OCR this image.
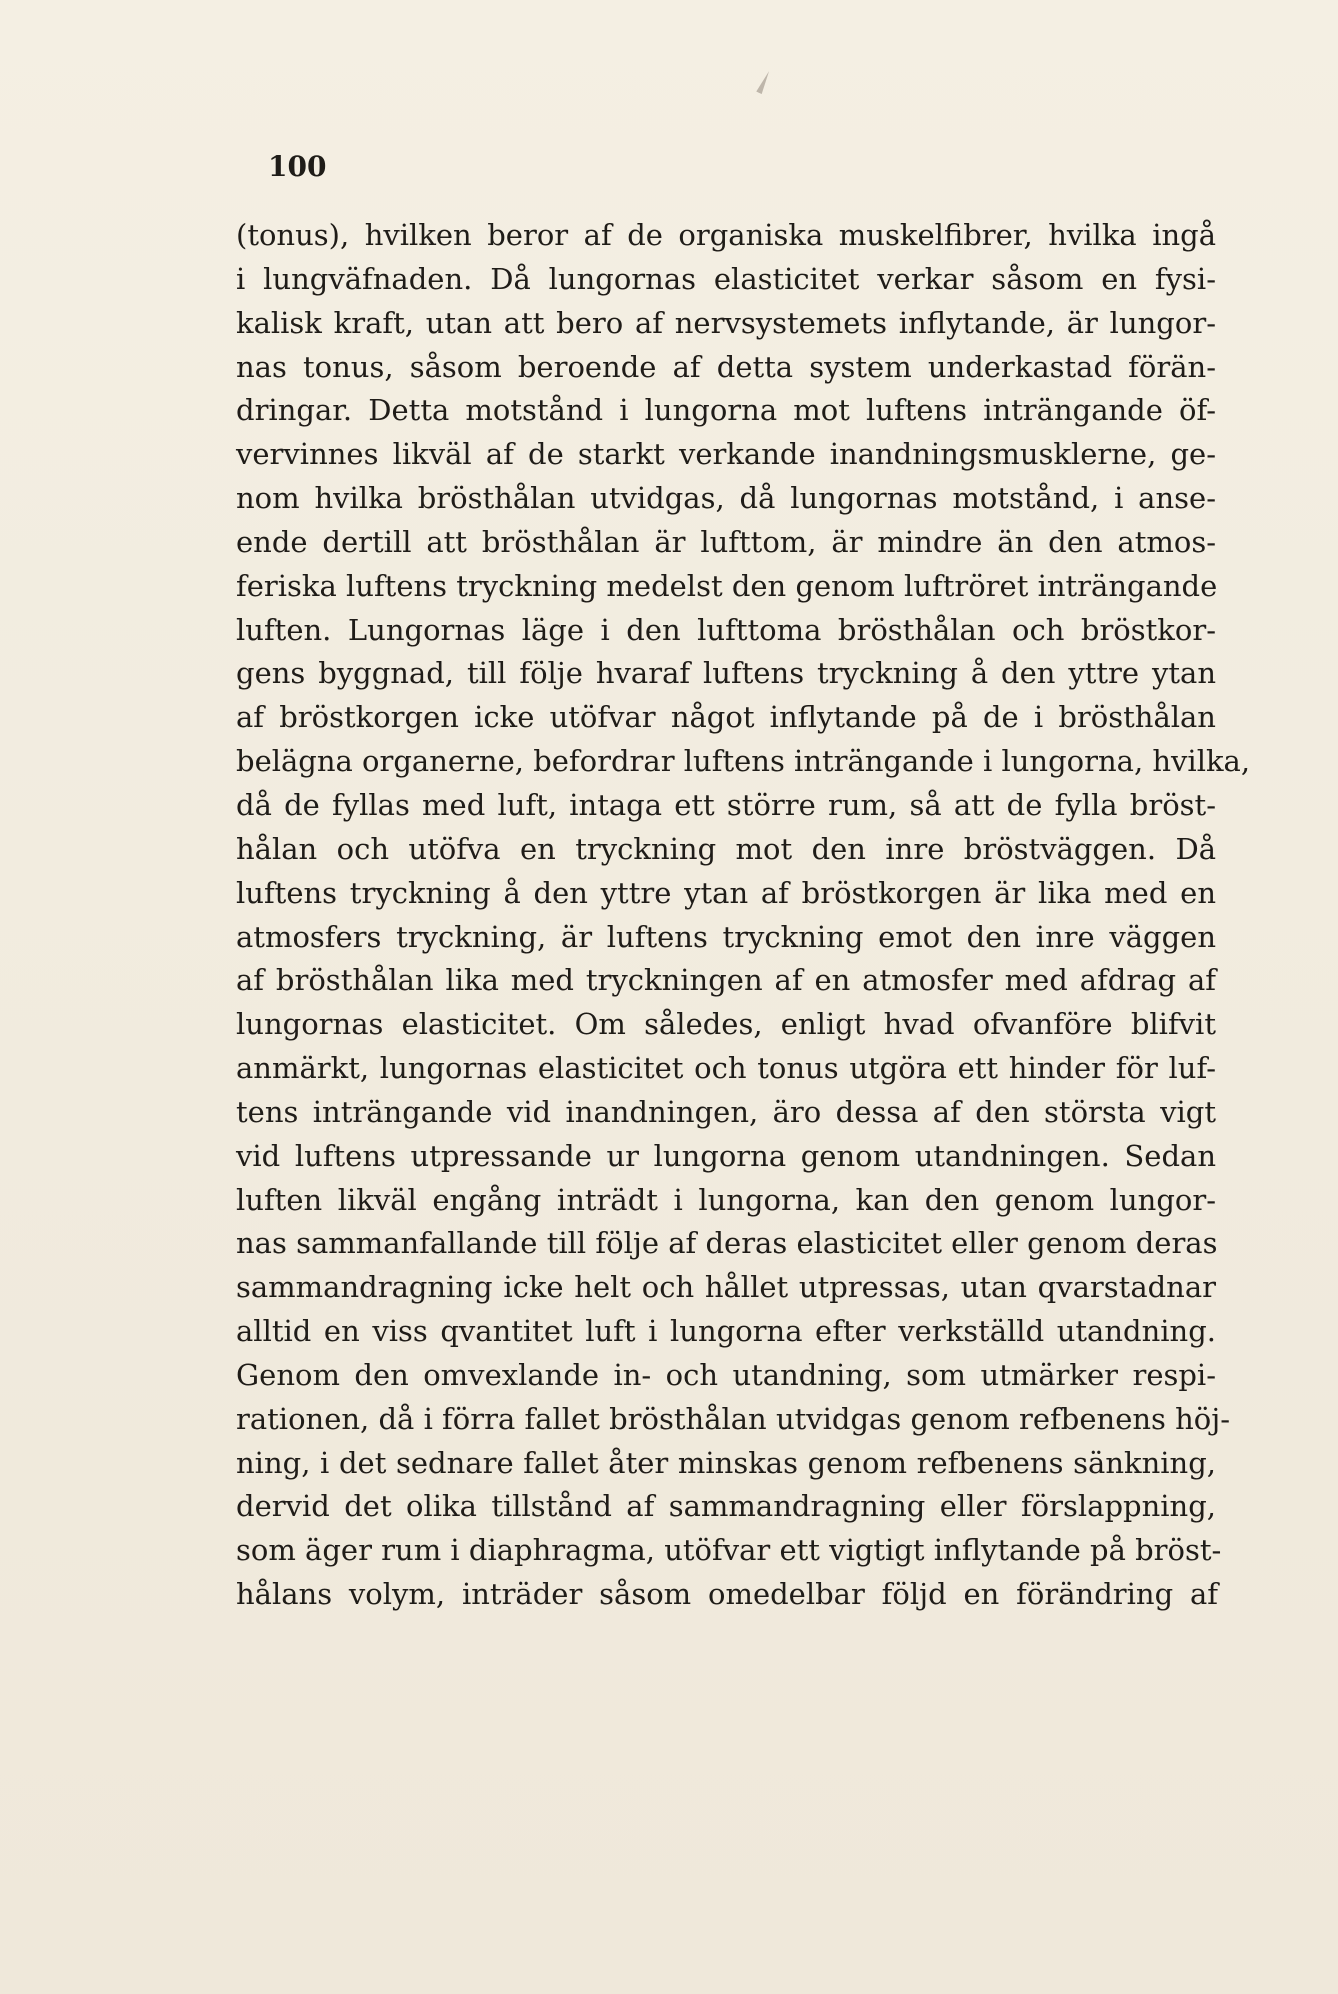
100
(tonus), hvilken beror af de organiska muskelfibrer, hvilka ingå
i lungväfnaden. Då lungornas elasticitet verkar såsom en fysi-
kalisk kraft, utan att bero af nervsystemets inflytande, är lungor-
nas tonus, såsom beroende af detta system underkastad förän-
dringar. Detta motstånd i lungorna mot luftens inträngande öf-
vervinnes likväl af de starkt verkande inandningsmusklerne, ge-
nom hvilka brösthålan utvidgas, då lungornas motstånd, i anse-
ende dertill att brösthålan är lufttom, är mindre än den atmos-
feriska luftens tryckning medelst den genom luftröret inträngande
luften. Lungornas läge i den lufttoma brösthålan och bröstkor-
gens byggnad, till följe hvaraf luftens tryckning å den yttre ytan
af bröstkorgen icke utöfvar något inflytande på de i brösthålan
belägna organerne, befordrar luftens inträngande i lungorna, hvilka,
då de fyllas med luft, intaga ett större rum, så att de fylla bröst-
hålan och utöfva en tryckning mot den inre bröstväggen. Då
luftens tryckning å den yttre ytan af bröstkorgen är lika med en
atmosfers tryckning, är luftens tryckning emot den inre väggen
af brösthålan lika med tryckningen af en atmosfer med afdrag af
lungornas elasticitet. Om således, enligt hvad ofvanföre blifvit
anmärkt, lungornas elasticitet och tonus utgöra ett hinder för luf-
tens inträngande vid inandningen, äro dessa af den största vigt
vid luftens utpressande ur lungorna genom utandningen. Sedan
luften likväl engång inträdt i lungorna, kan den genom lungor-
nas sammanfallande till följe af deras elasticitet eller genom deras
sammandragning icke helt och hållet utpressas, utan qvarstadnar
alltid en viss qvantitet luft i lungorna efter verkställd utandning.
Genom den omvexlande in- och utandning, som utmärker respi-
rationen, då i förra fallet brösthålan utvidgas genom refbenens höj-
ning, i det sednare fallet åter minskas genom refbenens sänkning,
dervid det olika tillstånd af sammandragning eller förslappning,
som äger rum i diaphragma, utöfvar ett vigtigt inflytande på bröst-
hålans volym, inträder såsom omedelbar följd en förändring af
